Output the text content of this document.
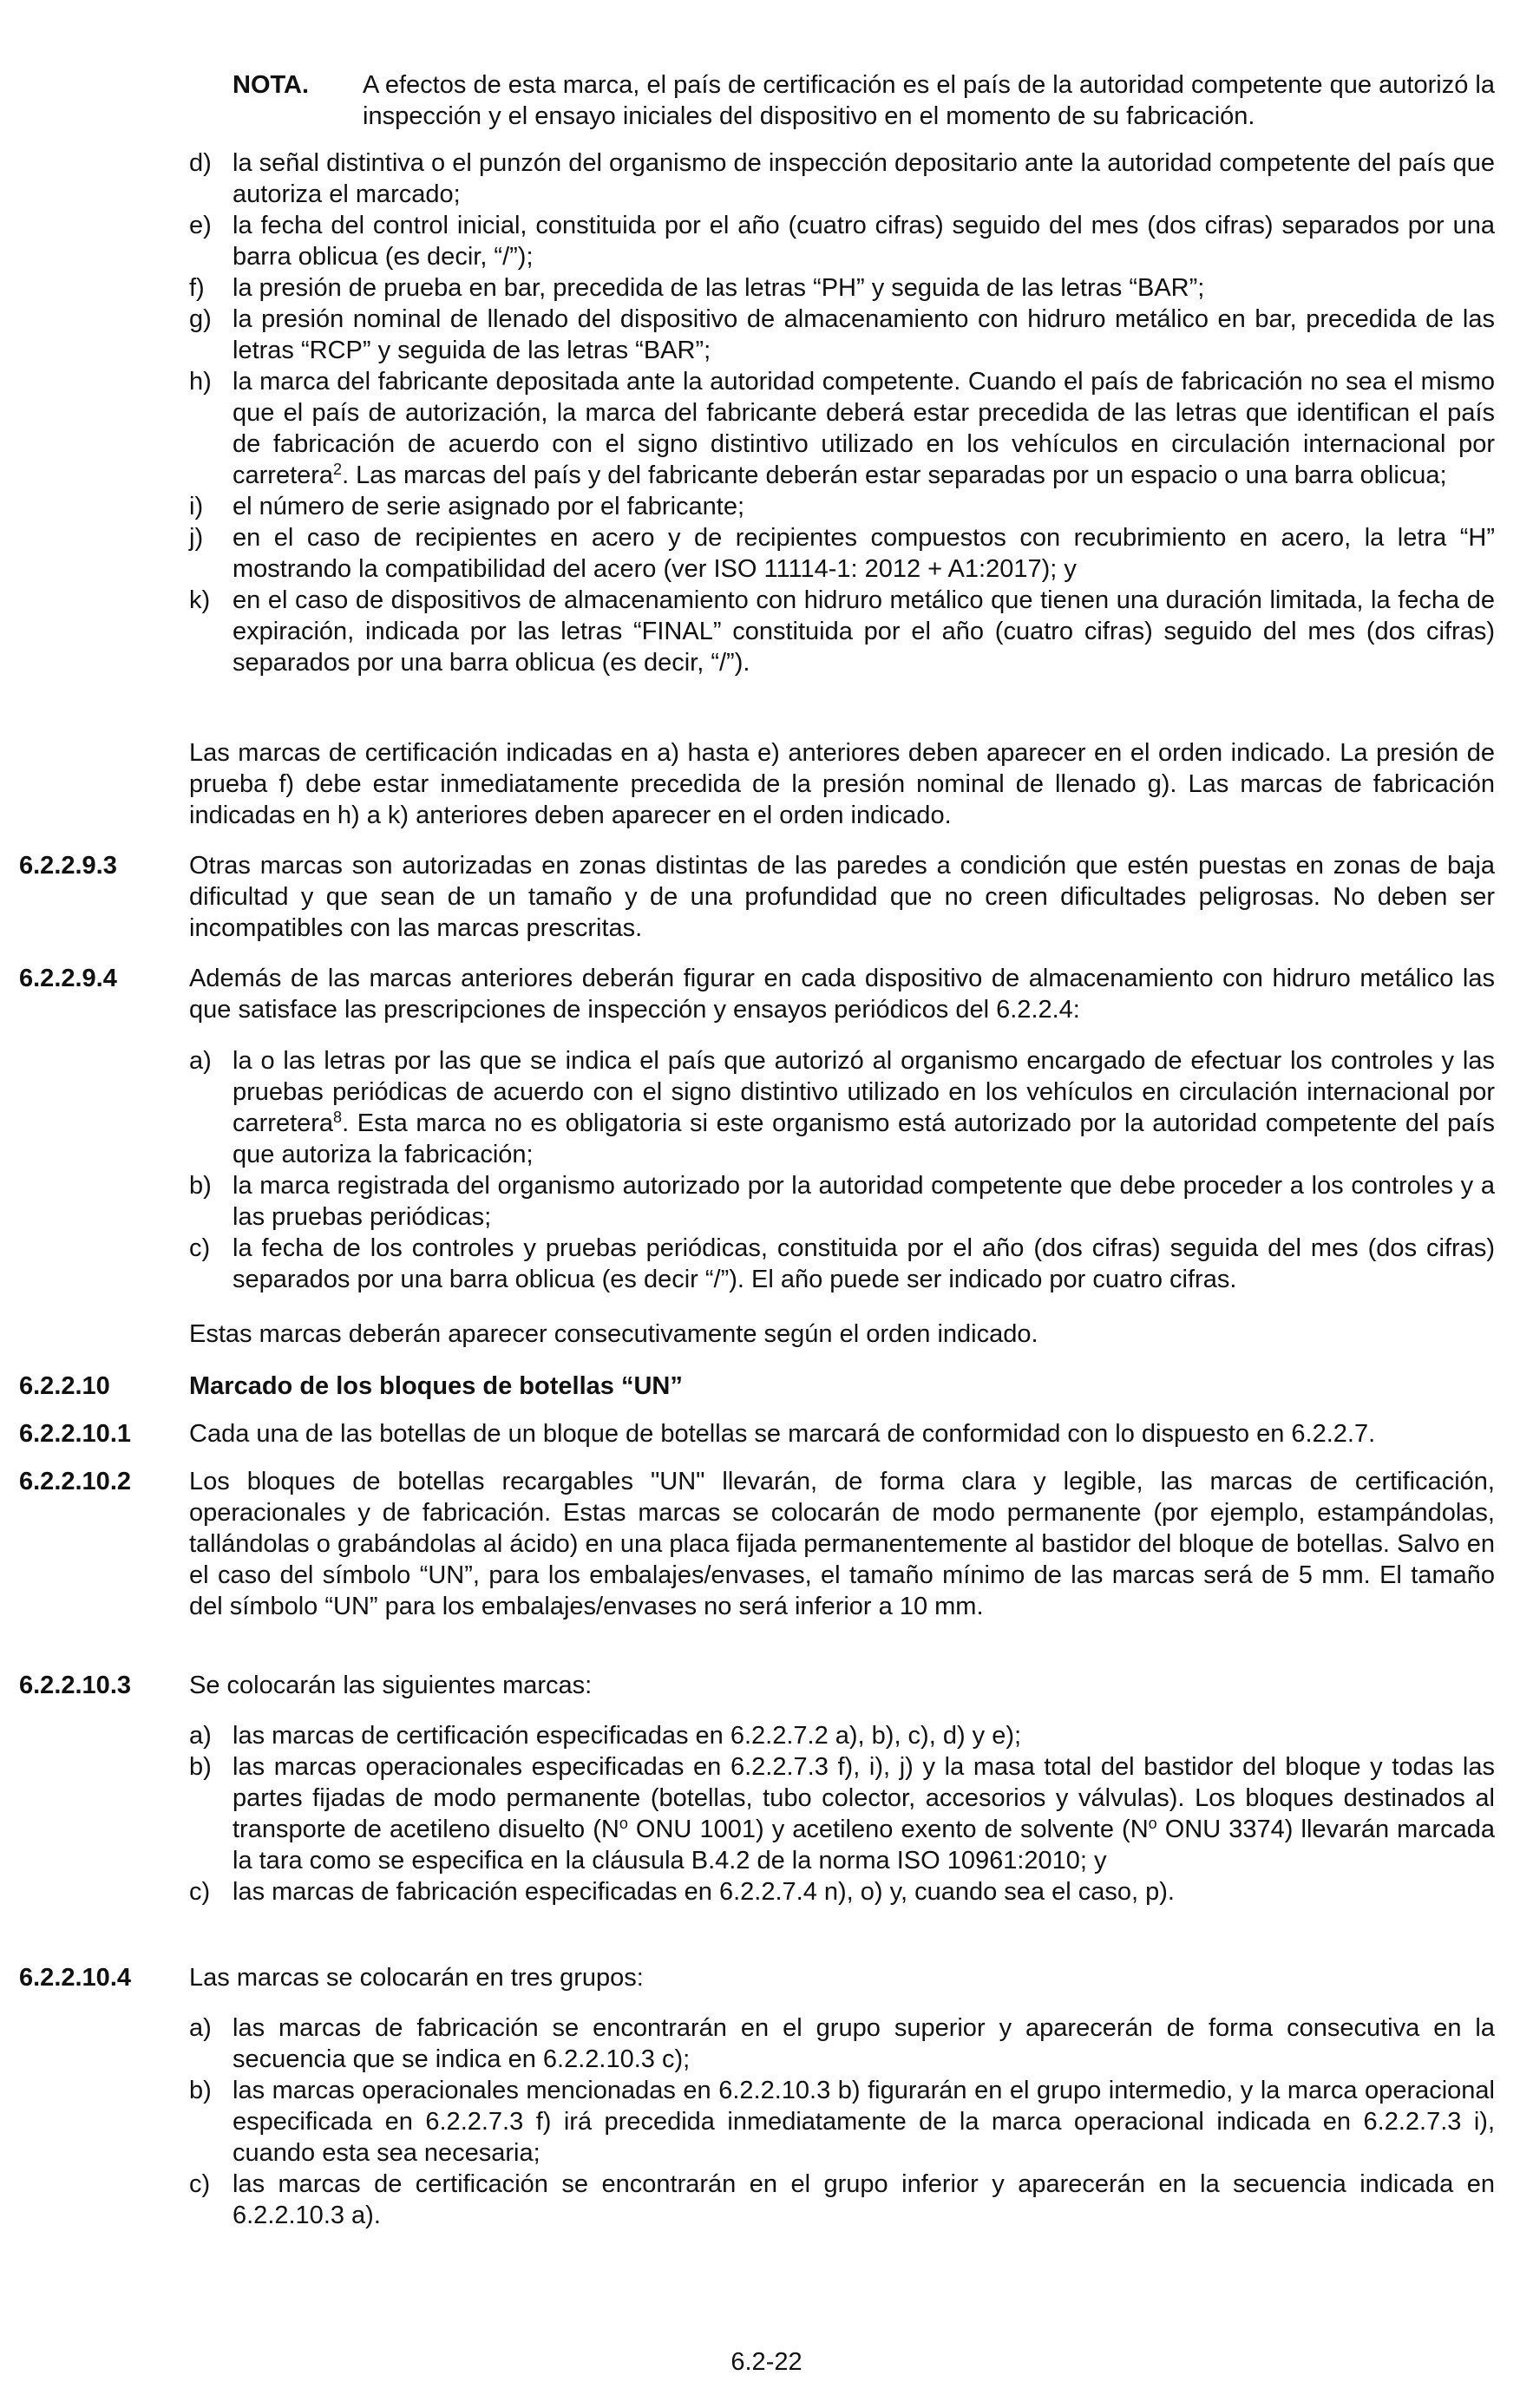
NOTA.	A efectos de esta marca, el país de certificación es el país de la autoridad competente que autorizó la inspección y el ensayo iniciales del dispositivo en el momento de su fabricación.
d) la señal distintiva o el punzón del organismo de inspección depositario ante la autoridad competente del país que autoriza el marcado;
e) la fecha del control inicial, constituida por el año (cuatro cifras) seguido del mes (dos cifras) separados por una barra oblicua (es decir, “/”);
f)	la presión de prueba en bar, precedida de las letras “PH” y seguida de las letras “BAR”;
g) la presión nominal de llenado del dispositivo de almacenamiento con hidruro metálico en bar, precedida de las letras “RCP” y seguida de las letras “BAR”;
h) la marca del fabricante depositada ante la autoridad competente. Cuando el país de fabricación no sea el mismo que el país de autorización, la marca del fabricante deberá estar precedida de las letras que identifican el país de fabricación de acuerdo con el signo distintivo utilizado en los vehículos en circulación internacional por carretera$^2$. Las marcas del país y del fabricante deberán estar separadas por un espacio o una barra oblicua;
i)	el número de serie asignado por el fabricante;
j)	en el caso de recipientes en acero y de recipientes compuestos con recubrimiento en acero, la letra “H” mostrando la compatibilidad del acero (ver ISO 11114-1: 2012 + A1:2017); y
k) en el caso de dispositivos de almacenamiento con hidruro metálico que tienen una duración limitada, la fecha de expiración, indicada por las letras “FINAL” constituida por el año (cuatro cifras) seguido del mes (dos cifras) separados por una barra oblicua (es decir, “/”).

Las marcas de certificación indicadas en a) hasta e) anteriores deben aparecer en el orden indicado. La presión de prueba f) debe estar inmediatamente precedida de la presión nominal de llenado g). Las marcas de fabricación indicadas en h) a k) anteriores deben aparecer en el orden indicado.

6.2.2.9.3	Otras marcas son autorizadas en zonas distintas de las paredes a condición que estén puestas en zonas de baja dificultad y que sean de un tamaño y de una profundidad que no creen dificultades peligrosas. No deben ser incompatibles con las marcas prescritas.
6.2.2.9.4	Además de las marcas anteriores deberán figurar en cada dispositivo de almacenamiento con hidruro metálico las que satisface las prescripciones de inspección y ensayos periódicos del 6.2.2.4:
a) la o las letras por las que se indica el país que autorizó al organismo encargado de efectuar los controles y las pruebas periódicas de acuerdo con el signo distintivo utilizado en los vehículos en circulación internacional por carretera$^8$. Esta marca no es obligatoria si este organismo está autorizado por la autoridad competente del país que autoriza la fabricación;
b) la marca registrada del organismo autorizado por la autoridad competente que debe proceder a los controles y a las pruebas periódicas;
c) la fecha de los controles y pruebas periódicas, constituida por el año (dos cifras) seguida del mes (dos cifras) separados por una barra oblicua (es decir “/”). El año puede ser indicado por cuatro cifras.

Estas marcas deberán aparecer consecutivamente según el orden indicado.

6.2.2.10	Marcado de los bloques de botellas “UN”
6.2.2.10.1	Cada una de las botellas de un bloque de botellas se marcará de conformidad con lo dispuesto en 6.2.2.7.
6.2.2.10.2	Los bloques de botellas recargables "UN" llevarán, de forma clara y legible, las marcas de certificación, operacionales y de fabricación. Estas marcas se colocarán de modo permanente (por ejemplo, estampándolas, tallándolas o grabándolas al ácido) en una placa fijada permanentemente al bastidor del bloque de botellas. Salvo en el caso del símbolo “UN”, para los embalajes/envases, el tamaño mínimo de las marcas será de 5 mm. El tamaño del símbolo “UN” para los embalajes/envases no será inferior a 10 mm.
6.2.2.10.3	Se colocarán las siguientes marcas:
a) las marcas de certificación especificadas en 6.2.2.7.2 a), b), c), d) y e);
b) las marcas operacionales especificadas en 6.2.2.7.3 f), i), j) y la masa total del bastidor del bloque y todas las partes fijadas de modo permanente (botellas, tubo colector, accesorios y válvulas). Los bloques destinados al transporte de acetileno disuelto ($N^o$ ONU 1001) y acetileno exento de solvente ($N^o$ ONU 3374) llevarán marcada la tara como se especifica en la cláusula B.4.2 de la norma ISO 10961:2010; y
c) las marcas de fabricación especificadas en 6.2.2.7.4 n), o) y, cuando sea el caso, p).
6.2.2.10.4	Las marcas se colocarán en tres grupos:
a) las marcas de fabricación se encontrarán en el grupo superior y aparecerán de forma consecutiva en la secuencia que se indica en 6.2.2.10.3 c);
b) las marcas operacionales mencionadas en 6.2.2.10.3 b) figurarán en el grupo intermedio, y la marca operacional especificada en 6.2.2.7.3 f) irá precedida inmediatamente de la marca operacional indicada en 6.2.2.7.3 i), cuando esta sea necesaria;
c) las marcas de certificación se encontrarán en el grupo inferior y aparecerán en la secuencia indicada en 6.2.2.10.3 a).
6.2-22
